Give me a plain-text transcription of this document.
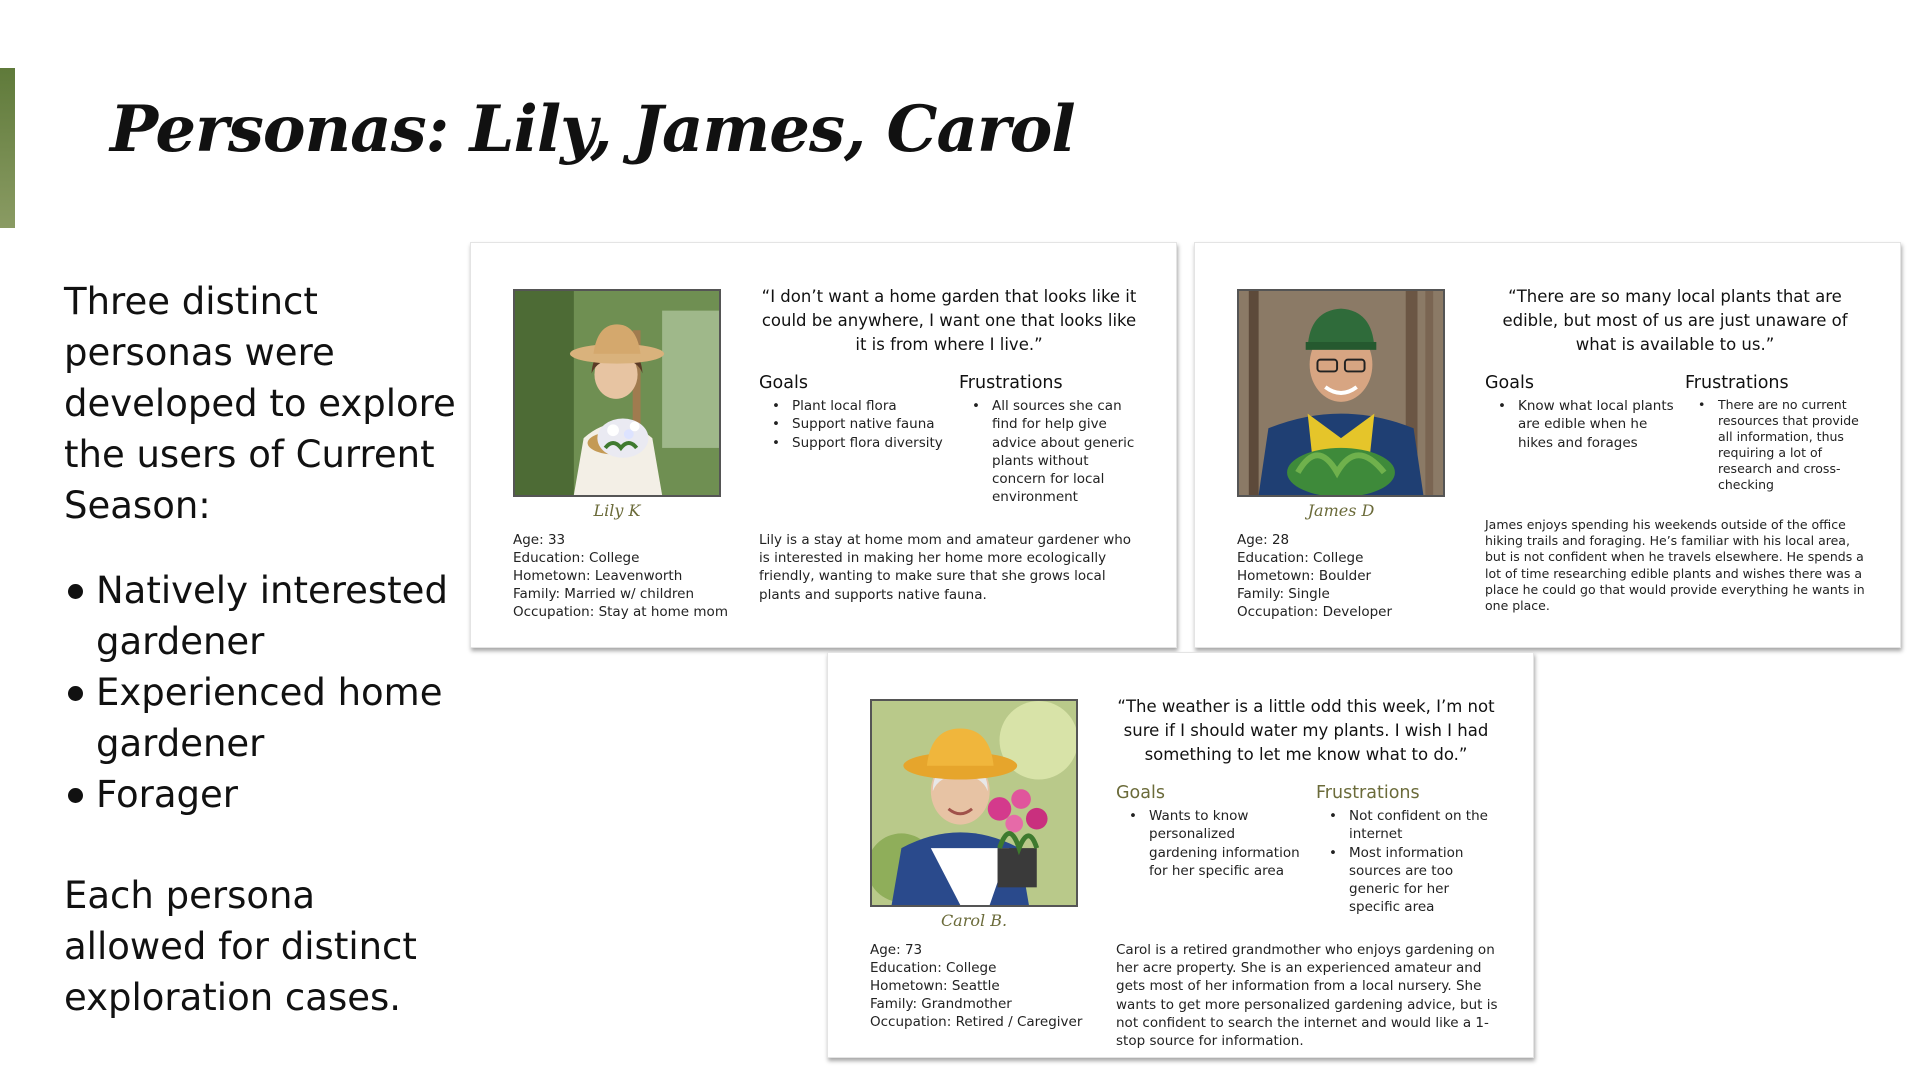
Personas: Lily, James, Carol

Three distinct personas were developed to explore the users of Current Season:

Natively interested gardener
Experienced home gardener
Forager

Each persona allowed for distinct exploration cases.

Lily K
Age: 33
Education: College
Hometown: Leavenworth
Family: Married w/ children
Occupation: Stay at home mom
“I don’t want a home garden that looks like it could be anywhere, I want one that looks like it is from where I live.”
Goals
• Plant local flora
• Support native fauna
• Support flora diversity
Frustrations
• All sources she can find for help give advice about generic plants without concern for local environment
Lily is a stay at home mom and amateur gardener who is interested in making her home more ecologically friendly, wanting to make sure that she grows local plants and supports native fauna.
James D
Age: 28
Education: College
Hometown: Boulder
Family: Single
Occupation: Developer
“There are so many local plants that are edible, but most of us are just unaware of what is available to us.”
Goals
• Know what local plants are edible when he hikes and forages
Frustrations
• There are no current resources that provide all information, thus requiring a lot of research and cross-checking
James enjoys spending his weekends outside of the office hiking trails and foraging. He’s familiar with his local area, but is not confident when he travels elsewhere. He spends a lot of time researching edible plants and wishes there was a place he could go that would provide everything he wants in one place.
Carol B.
Age: 73
Education: College
Hometown: Seattle
Family: Grandmother
Occupation: Retired / Caregiver
“The weather is a little odd this week, I’m not sure if I should water my plants. I wish I had something to let me know what to do.”
Goals
• Wants to know personalized gardening information for her specific area
Frustrations
• Not confident on the internet
• Most information sources are too generic for her specific area
Carol is a retired grandmother who enjoys gardening on her acre property. She is an experienced amateur and gets most of her information from a local nursery. She wants to get more personalized gardening advice, but is not confident to search the internet and would like a 1-stop source for information.
